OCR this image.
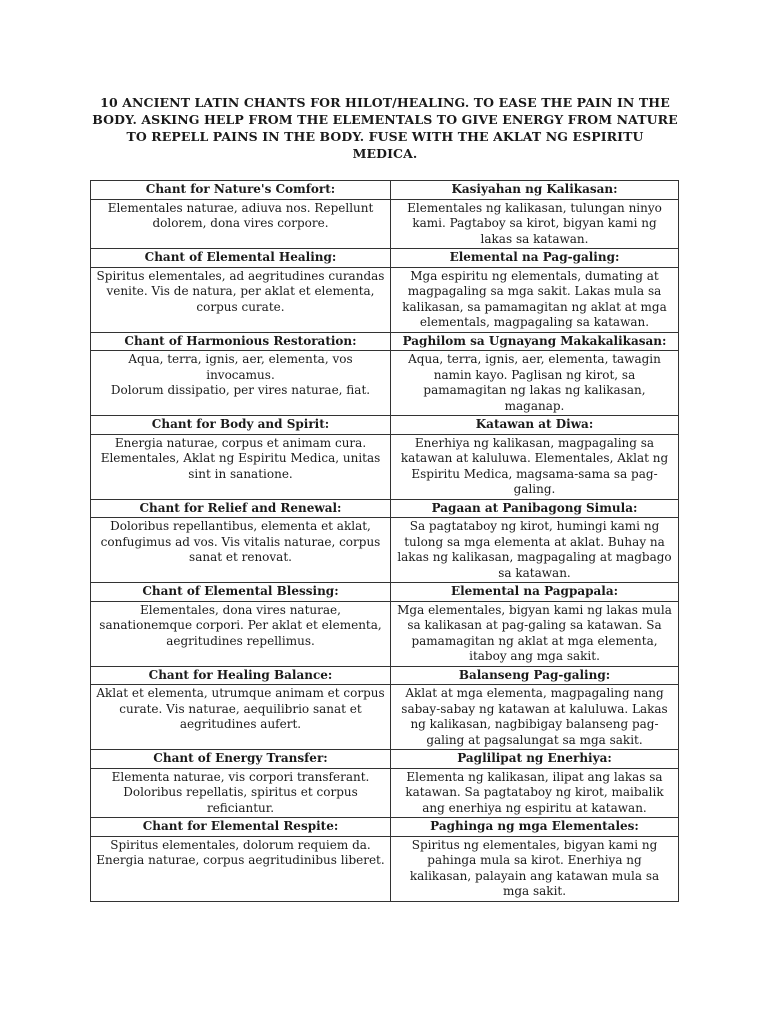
10 ANCIENT LATIN CHANTS FOR HILOT/HEALING. TO EASE THE PAIN IN THE BODY. ASKING HELP FROM THE ELEMENTALS TO GIVE ENERGY FROM NATURE TO REPELL PAINS IN THE BODY. FUSE WITH THE AKLAT NG ESPIRITU MEDICA.
Chant for Nature's Comfort:	Kasiyahan ng Kalikasan:

Elementales naturae, adiuva nos. Repellunt dolorem, dona vires corpore.	Elementales ng kalikasan, tulungan ninyo kami. Pagtaboy sa kirot, bigyan kami ng lakas sa katawan.

Chant of Elemental Healing:	Elemental na Pag-galing:

Spiritus elementales, ad aegritudines curandas venite. Vis de natura, per aklat et elementa, corpus curate.	Mga espiritu ng elementals, dumating at magpagaling sa mga sakit. Lakas mula sa kalikasan, sa pamamagitan ng aklat at mga elementals, magpagaling sa katawan.

Chant of Harmonious Restoration:	Paghilom sa Ugnayang Makakalikasan:

Aqua, terra, ignis, aer, elementa, vos invocamus.
Dolorum dissipatio, per vires naturae, fiat.	Aqua, terra, ignis, aer, elementa, tawagin namin kayo. Paglisan ng kirot, sa pamamagitan ng lakas ng kalikasan, maganap.

Chant for Body and Spirit:	Katawan at Diwa:

Energia naturae, corpus et animam cura. Elementales, Aklat ng Espiritu Medica, unitas sint in sanatione.	Enerhiya ng kalikasan, magpagaling sa katawan at kaluluwa. Elementales, Aklat ng Espiritu Medica, magsama-sama sa pag-galing.

Chant for Relief and Renewal:	Pagaan at Panibagong Simula:

Doloribus repellantibus, elementa et aklat, confugimus ad vos. Vis vitalis naturae, corpus sanat et renovat.	Sa pagtataboy ng kirot, humingi kami ng tulong sa mga elementa at aklat. Buhay na lakas ng kalikasan, magpagaling at magbago sa katawan.

Chant of Elemental Blessing:	Elemental na Pagpapala:

Elementales, dona vires naturae, sanationemque corpori. Per aklat et elementa, aegritudines repellimus.	Mga elementales, bigyan kami ng lakas mula sa kalikasan at pag-galing sa katawan. Sa pamamagitan ng aklat at mga elementa, itaboy ang mga sakit.

Chant for Healing Balance:	Balanseng Pag-galing:

Aklat et elementa, utrumque animam et corpus curate. Vis naturae, aequilibrio sanat et aegritudines aufert.	Aklat at mga elementa, magpagaling nang sabay-sabay ng katawan at kaluluwa. Lakas ng kalikasan, nagbibigay balanseng pag-galing at pagsalungat sa mga sakit.

Chant of Energy Transfer:	Paglilipat ng Enerhiya:

Elementa naturae, vis corpori transferant. Doloribus repellatis, spiritus et corpus reficiantur.	Elementa ng kalikasan, ilipat ang lakas sa katawan. Sa pagtataboy ng kirot, maibalik ang enerhiya ng espiritu at katawan.

Chant for Elemental Respite:	Paghinga ng mga Elementales:

Spiritus elementales, dolorum requiem da. Energia naturae, corpus aegritudinibus liberet.	Spiritus ng elementales, bigyan kami ng pahinga mula sa kirot. Enerhiya ng kalikasan, palayain ang katawan mula sa mga sakit.
